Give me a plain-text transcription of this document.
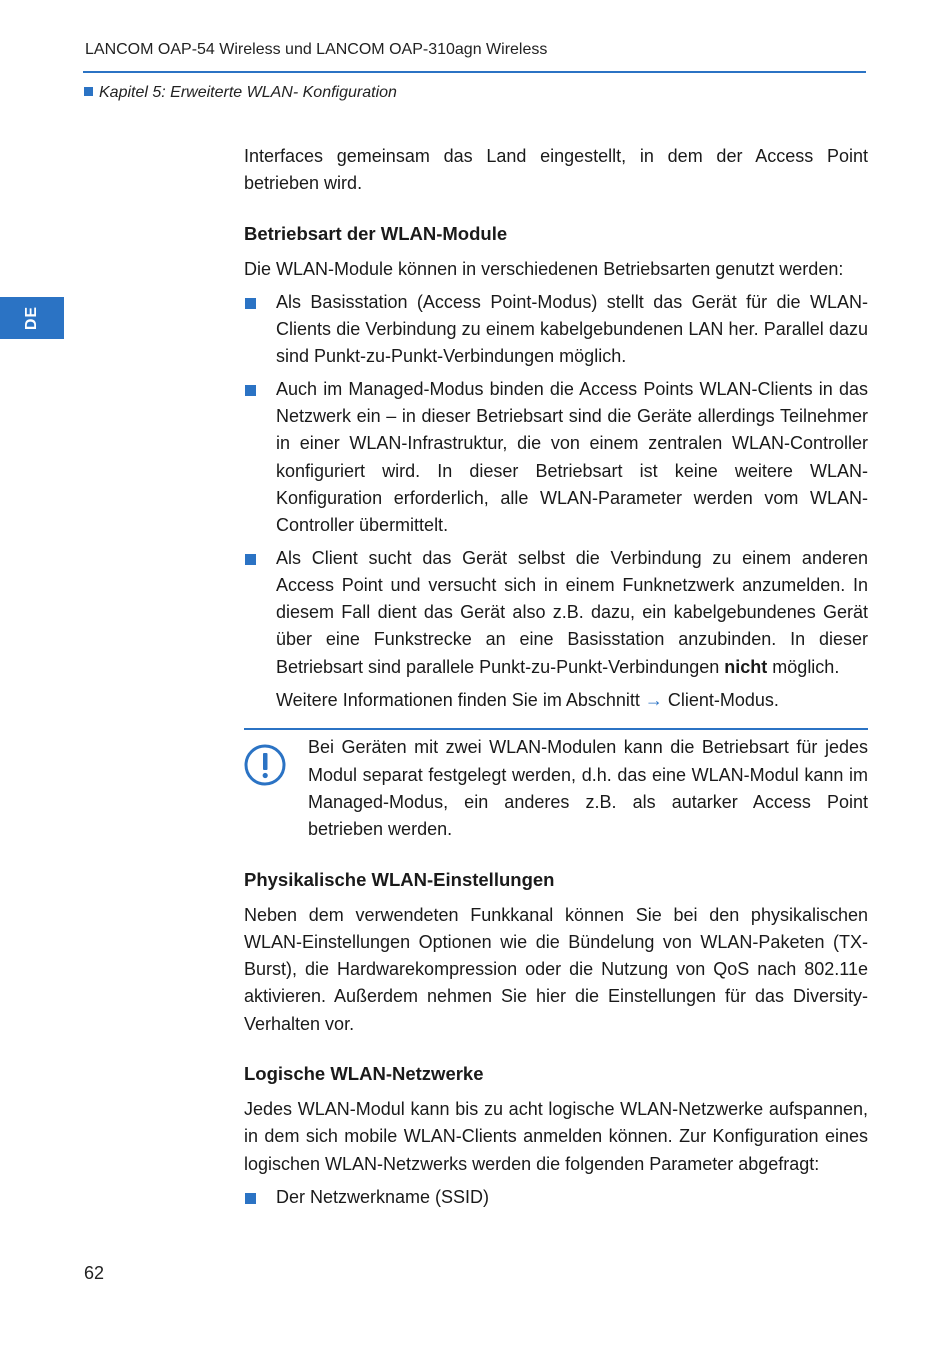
LANCOM OAP-54 Wireless und LANCOM OAP-310agn Wireless
Kapitel 5: Erweiterte WLAN- Konfiguration
DE

Interfaces gemeinsam das Land eingestellt, in dem der Access Point betrieben wird.

Betriebsart der WLAN-Module

Die WLAN-Module können in verschiedenen Betriebsarten genutzt werden:

Als Basisstation (Access Point-Modus) stellt das Gerät für die WLAN-Clients die Verbindung zu einem kabelgebundenen LAN her. Parallel dazu sind Punkt-zu-Punkt-Verbindungen möglich.
Auch im Managed-Modus binden die Access Points WLAN-Clients in das Netzwerk ein – in dieser Betriebsart sind die Geräte allerdings Teilnehmer in einer WLAN-Infrastruktur, die von einem zentralen WLAN-Controller konfiguriert wird. In dieser Betriebsart ist keine weitere WLAN-Konfiguration erforderlich, alle WLAN-Parameter werden vom WLAN-Controller übermittelt.
Als Client sucht das Gerät selbst die Verbindung zu einem anderen Access Point und versucht sich in einem Funknetzwerk anzumelden. In diesem Fall dient das Gerät also z.B. dazu, ein kabelgebundenes Gerät über eine Funkstrecke an eine Basisstation anzubinden. In dieser Betriebsart sind parallele Punkt-zu-Punkt-Verbindungen nicht möglich.

Weitere Informationen finden Sie im Abschnitt → Client-Modus.

Bei Geräten mit zwei WLAN-Modulen kann die Betriebsart für jedes Modul separat festgelegt werden, d.h. das eine WLAN-Modul kann im Managed-Modus, ein anderes z.B. als autarker Access Point betrieben werden.

Physikalische WLAN-Einstellungen

Neben dem verwendeten Funkkanal können Sie bei den physikalischen WLAN-Einstellungen Optionen wie die Bündelung von WLAN-Paketen (TX-Burst), die Hardwarekompression oder die Nutzung von QoS nach 802.11e aktivieren. Außerdem nehmen Sie hier die Einstellungen für das Diversity-Verhalten vor.

Logische WLAN-Netzwerke

Jedes WLAN-Modul kann bis zu acht logische WLAN-Netzwerke aufspannen, in dem sich mobile WLAN-Clients anmelden können. Zur Konfiguration eines logischen WLAN-Netzwerks werden die folgenden Parameter abgefragt:

Der Netzwerkname (SSID)
62
